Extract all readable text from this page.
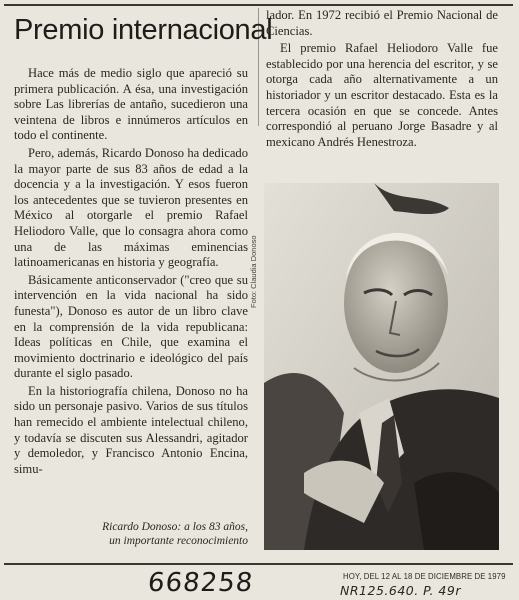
Premio internacional

Hace más de medio siglo que apareció su primera publicación. A ésa, una investigación sobre Las librerías de antaño, sucedieron una veintena de libros e innúmeros artículos en todo el continente.

Pero, además, Ricardo Donoso ha dedicado la mayor parte de sus 83 años de edad a la docencia y a la investigación. Y esos fueron los antecedentes que se tuvieron presentes en México al otorgarle el premio Rafael Heliodoro Valle, que lo consagra ahora como una de las máximas eminencias latinoamericanas en historia y geografía.

Básicamente anticonservador ("creo que su intervención en la vida nacional ha sido funesta"), Donoso es autor de un libro clave en la comprensión de la vida republicana: Ideas políticas en Chile, que examina el movimiento doctrinario e ideológico del país durante el siglo pasado.

En la historiografía chilena, Donoso no ha sido un personaje pasivo. Varios de sus títulos han remecido el ambiente intelectual chileno, y todavía se discuten sus Alessandri, agitador y demoledor, y Francisco Antonio Encina, simu-

lador. En 1972 recibió el Premio Nacional de Ciencias.

El premio Rafael Heliodoro Valle fue establecido por una herencia del escritor, y se otorga cada año alternativamente a un historiador y un escritor destacado. Esta es la tercera ocasión en que se concede. Antes correspondió al peruano Jorge Basadre y al mexicano Andrés Henestroza.

Foto: Claudia Donoso
Ricardo Donoso: a los 83 años,
un importante reconocimiento
668258	HOY, DEL 12 AL 18 DE DICIEMBRE DE 1979
NR125.640. P. 49r
